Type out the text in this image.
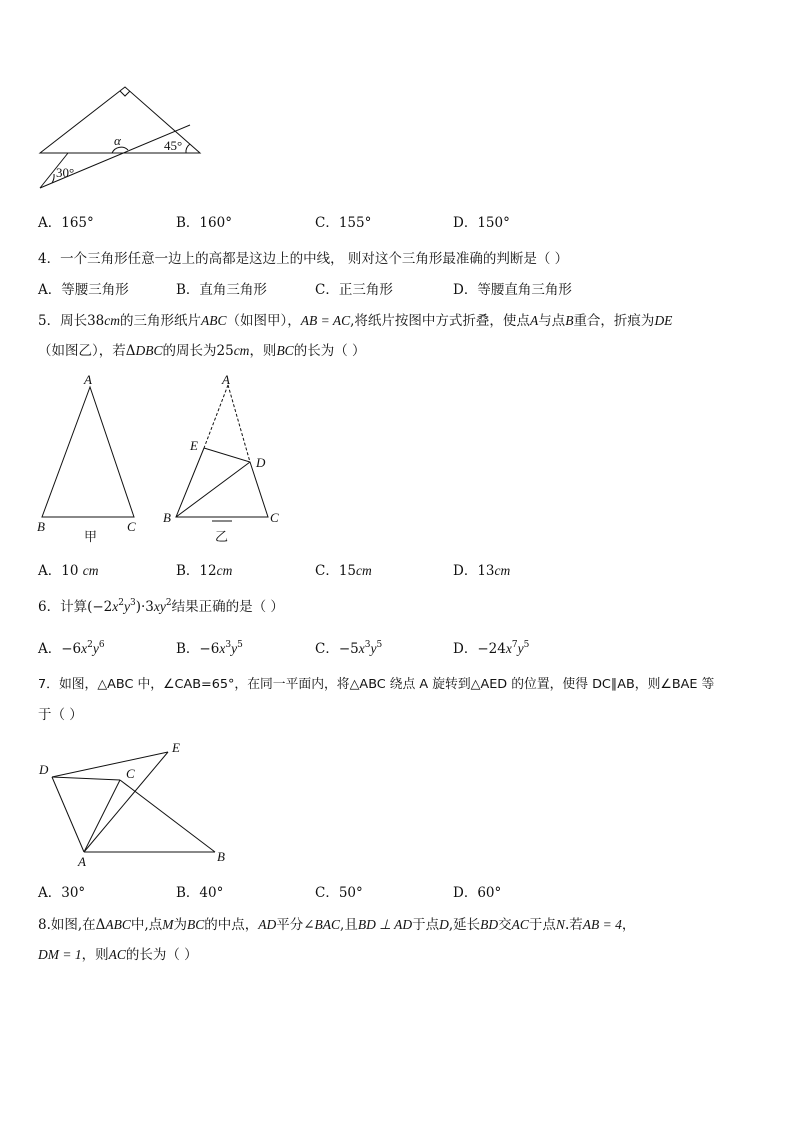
α	45°
30°
A．165°	B．160°	C．155°	D．150°
4．一个三角形任意一边上的高都是这边上的中线， 则对这个三角形最准确的判断是（ ）
A．等腰三角形	B．直角三角形	C．正三角形	D．等腰直角三角形
5．周长38cm的三角形纸片ABC（如图甲），AB = AC,将纸片按图中方式折叠，使点A与点B重合，折痕为DE
（如图乙），若ΔDBC的周长为25cm，则BC的长为（ ）
A
B	C
甲
A
E
D
B	C
乙
A．10 cm	B．12cm	C．15cm	D．13cm
6．计算$(-2x^2y^3)\cdot 3xy^2$结果正确的是（ ）
A．$-6x^2y^6$	B．$-6x^3y^5$	C．$-5x^3y^5$	D．$-24x^7y^5$
7．如图，△ABC 中，∠CAB=65°，在同一平面内，将△ABC 绕点 A 旋转到△AED 的位置，使得 DC∥AB，则∠BAE 等
于（ ）
D	C
E
A	B
A．30°	B．40°	C．50°	D．60°
8.如图,在ΔABC中,点M为BC的中点，AD平分∠BAC,且BD ⊥ AD于点D,延长BD交AC于点N.若AB = 4，
DM = 1，则AC的长为（ ）
